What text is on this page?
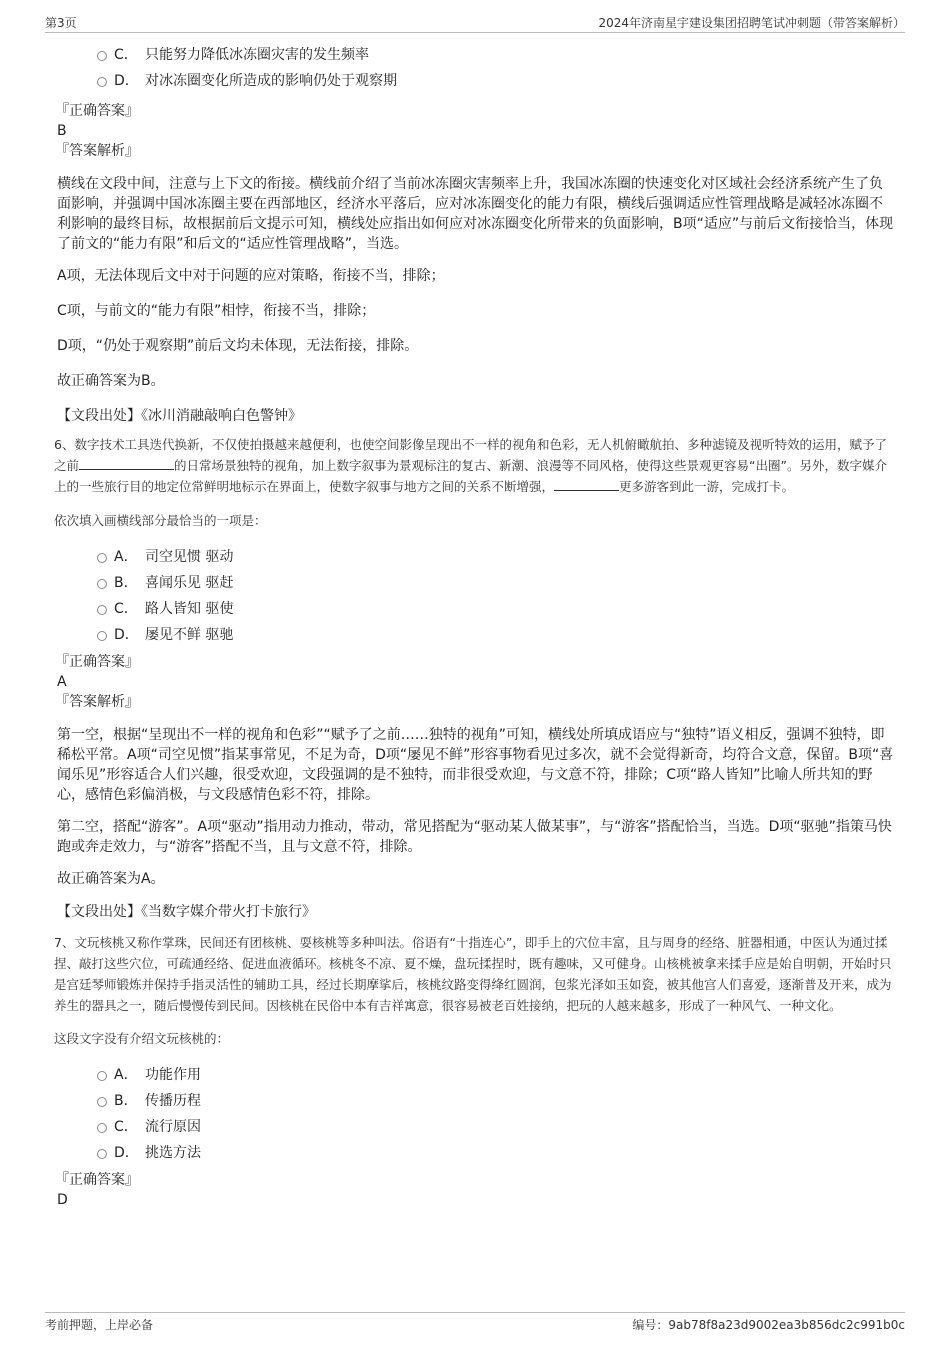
第3页	2024年济南星宇建设集团招聘笔试冲刺题（带答案解析）
C． 只能努力降低冰冻圈灾害的发生频率
D． 对冰冻圈变化所造成的影响仍处于观察期
『正确答案』
B
『答案解析』

横线在文段中间，注意与上下文的衔接。横线前介绍了当前冰冻圈灾害频率上升，我国冰冻圈的快速变化对区域社会经济系统产生了负面影响，并强调中国冰冻圈主要在西部地区，经济水平落后，应对冰冻圈变化的能力有限，横线后强调适应性管理战略是减轻冰冻圈不利影响的最终目标，故根据前后文提示可知，横线处应指出如何应对冰冻圈变化所带来的负面影响，B项“适应”与前后文衔接恰当，体现了前文的“能力有限”和后文的“适应性管理战略”，当选。

A项，无法体现后文中对于问题的应对策略，衔接不当，排除；

C项，与前文的“能力有限”相悖，衔接不当，排除；

D项，“仍处于观察期”前后文均未体现，无法衔接，排除。

故正确答案为B。

【文段出处】《冰川消融敲响白色警钟》

6、数字技术工具迭代换新，不仅使拍摄越来越便利，也使空间影像呈现出不一样的视角和色彩，无人机俯瞰航拍、多种滤镜及视听特效的运用，赋予了之前	的日常场景独特的视角，加上数字叙事为景观标注的复古、新潮、浪漫等不同风格，使得这些景观更容易“出圈”。另外，数字媒介上的一些旅行目的地定位常鲜明地标示在界面上，使数字叙事与地方之间的关系不断增强，	更多游客到此一游，完成打卡。

依次填入画横线部分最恰当的一项是：

A． 司空见惯 驱动
B． 喜闻乐见 驱赶
C． 路人皆知 驱使
D． 屡见不鲜 驱驰
『正确答案』
A
『答案解析』

第一空，根据“呈现出不一样的视角和色彩”“赋予了之前……独特的视角”可知，横线处所填成语应与“独特”语义相反，强调不独特，即稀松平常。A项“司空见惯”指某事常见，不足为奇，D项“屡见不鲜”形容事物看见过多次，就不会觉得新奇，均符合文意，保留。B项“喜闻乐见”形容适合人们兴趣，很受欢迎，文段强调的是不独特，而非很受欢迎，与文意不符，排除；C项“路人皆知”比喻人所共知的野心，感情色彩偏消极，与文段感情色彩不符，排除。

第二空，搭配“游客”。A项“驱动”指用动力推动，带动，常见搭配为“驱动某人做某事”，与“游客”搭配恰当，当选。D项“驱驰”指策马快跑或奔走效力，与“游客”搭配不当，且与文意不符，排除。

故正确答案为A。

【文段出处】《当数字媒介带火打卡旅行》

7、文玩核桃又称作掌珠，民间还有团核桃、耍核桃等多种叫法。俗语有“十指连心”，即手上的穴位丰富，且与周身的经络、脏器相通，中医认为通过揉捏、敲打这些穴位，可疏通经络、促进血液循环。核桃冬不凉、夏不燥，盘玩揉捏时，既有趣味，又可健身。山核桃被拿来揉手应是始自明朝，开始时只是宫廷琴师锻炼并保持手指灵活性的辅助工具，经过长期摩挲后，核桃纹路变得绛红圆润，包浆光泽如玉如瓷，被其他宫人们喜爱，逐渐普及开来，成为养生的器具之一，随后慢慢传到民间。因核桃在民俗中本有吉祥寓意，很容易被老百姓接纳，把玩的人越来越多，形成了一种风气、一种文化。

这段文字没有介绍文玩核桃的：

A． 功能作用
B． 传播历程
C． 流行原因
D． 挑选方法
『正确答案』
D
考前押题，上岸必备	编号：9ab78f8a23d9002ea3b856dc2c991b0c
